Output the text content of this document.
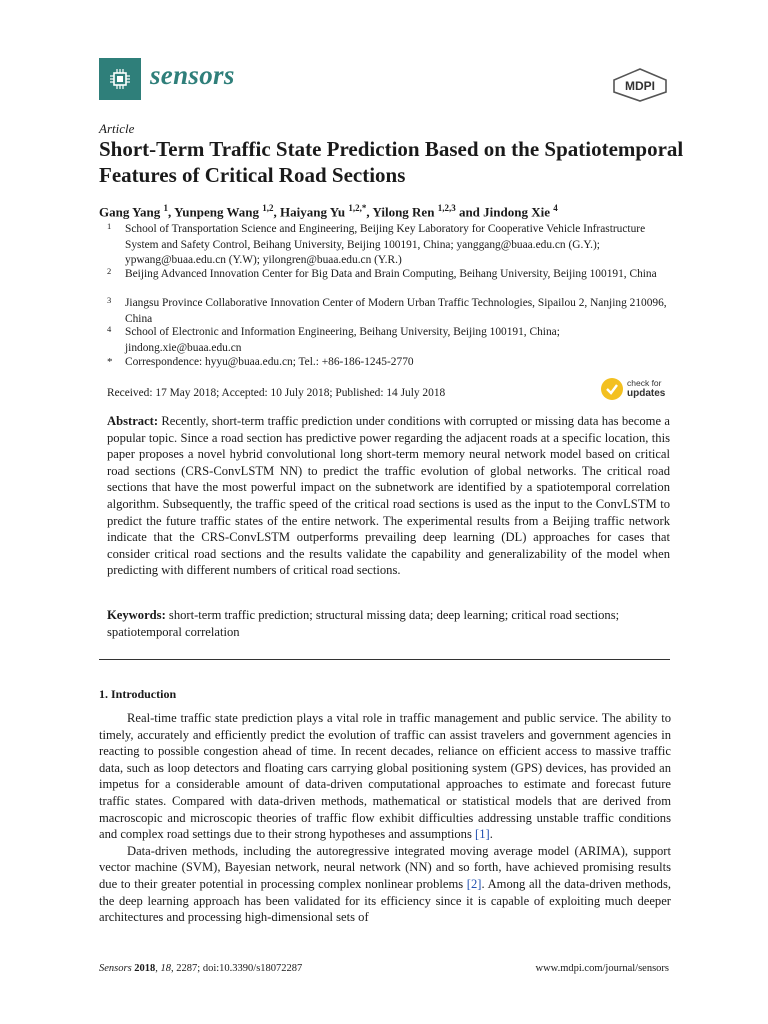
sensors	MDPI
Article
Short-Term Traffic State Prediction Based on the Spatiotemporal Features of Critical Road Sections
Gang Yang $^1$, Yunpeng Wang $^{1,2}$, Haiyang Yu $^{1,2,*}$, Yilong Ren $^{1,2,3}$ and Jindong Xie $^4$
1 School of Transportation Science and Engineering, Beijing Key Laboratory for Cooperative Vehicle Infrastructure System and Safety Control, Beihang University, Beijing 100191, China; yanggang@buaa.edu.cn (G.Y.); ypwang@buaa.edu.cn (Y.W); yilongren@buaa.edu.cn (Y.R.)
2 Beijing Advanced Innovation Center for Big Data and Brain Computing, Beihang University, Beijing 100191, China
3 Jiangsu Province Collaborative Innovation Center of Modern Urban Traffic Technologies, Sipailou 2, Nanjing 210096, China
4 School of Electronic and Information Engineering, Beihang University, Beijing 100191, China; jindong.xie@buaa.edu.cn
* Correspondence: hyyu@buaa.edu.cn; Tel.: +86-186-1245-2770
Received: 17 May 2018; Accepted: 10 July 2018; Published: 14 July 2018
check for
updates
Abstract: Recently, short-term traffic prediction under conditions with corrupted or missing data has become a popular topic. Since a road section has predictive power regarding the adjacent roads at a specific location, this paper proposes a novel hybrid convolutional long short-term memory neural network model based on critical road sections (CRS-ConvLSTM NN) to predict the traffic evolution of global networks. The critical road sections that have the most powerful impact on the subnetwork are identified by a spatiotemporal correlation algorithm. Subsequently, the traffic speed of the critical road sections is used as the input to the ConvLSTM to predict the future traffic states of the entire network. The experimental results from a Beijing traffic network indicate that the CRS-ConvLSTM outperforms prevailing deep learning (DL) approaches for cases that consider critical road sections and the results validate the capability and generalizability of the model when predicting with different numbers of critical road sections.
Keywords: short-term traffic prediction; structural missing data; deep learning; critical road sections; spatiotemporal correlation
1. Introduction

Real-time traffic state prediction plays a vital role in traffic management and public service. The ability to timely, accurately and efficiently predict the evolution of traffic can assist travelers and government agencies in reacting to possible congestion ahead of time. In recent decades, reliance on efficient access to massive traffic data, such as loop detectors and floating cars carrying global positioning system (GPS) devices, has provided an impetus for a considerable amount of data-driven computational approaches to estimate and forecast future traffic states. Compared with data-driven methods, mathematical or statistical models that are derived from macroscopic and microscopic theories of traffic flow exhibit difficulties addressing unstable traffic conditions and complex road settings due to their strong hypotheses and assumptions [1].

Data-driven methods, including the autoregressive integrated moving average model (ARIMA), support vector machine (SVM), Bayesian network, neural network (NN) and so forth, have achieved promising results due to their greater potential in processing complex nonlinear problems [2]. Among all the data-driven methods, the deep learning approach has been validated for its efficiency since it is capable of exploiting much deeper architectures and processing high-dimensional sets of

Sensors 2018, 18, 2287; doi:10.3390/s18072287	www.mdpi.com/journal/sensors
